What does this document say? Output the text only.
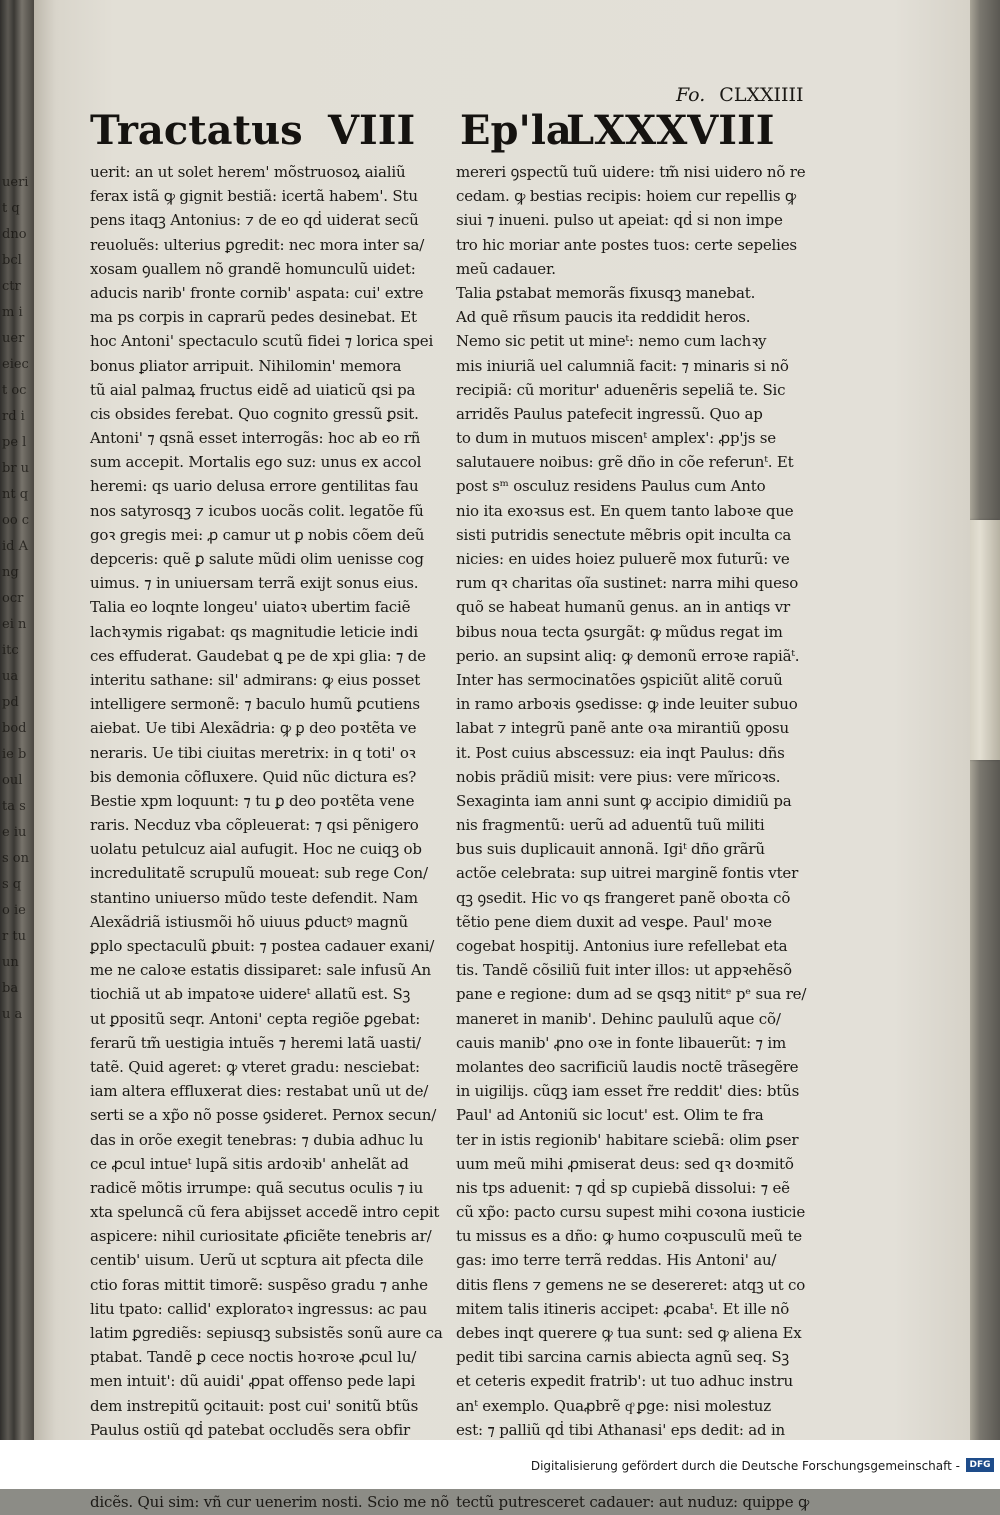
uerit q dno bcl ctrm iuer eiect ocrd ipe lbr unt qoo cid Ang ocrei nitc ua pd bodie boul ta se ius ons q o ier tu un ba u a
Fo. CLXXIIII
Tractatus VIII Ep'la
LXXXVIII
uerit: an ut solet herem' mõstruosoꝝ aialiũ
ferax istã ꝙ gignit bestiã: icertã habem'. Stu
pens itaqꝫ Antonius: ⁊ de eo qḋ uiderat secũ
reuoluẽs: ulterius ꝑgredit: nec mora inter sa/
xosam ꝯuallem nõ grandẽ homunculũ uidet:
aducis narib' fronte cornib' aspata: cui' extre
ma ps corpis in caprarũ pedes desinebat. Et
hoc Antoni' spectaculo scutũ fidei ⁊ lorica spei
bonus ꝑliator arripuit. Nihilomin' memora
tũ aial palmaꝝ fructus eidẽ ad uiaticũ qsi pa
cis obsides ferebat. Quo cognito gressũ ꝑsit.
Antoni' ⁊ qsnã esset interrogãs: hoc ab eo rñ
sum accepit. Mortalis ego suz: unus ex accol
heremi: qs uario delusa errore gentilitas fau
nos satyrosqꝫ ⁊ icubos uocãs colit. legatõe fũ
goꝛ gregis mei: ꝓ camur ut ꝑ nobis cõem deũ
depceris: quẽ ꝑ salute mũdi olim uenisse cog
uimus. ⁊ in uniuersam terrã exijt sonus eius.
Talia eo loqnte longeu' uiatoꝛ ubertim faciẽ
lachꝛymis rigabat: qs magnitudie leticie indi
ces effuderat. Gaudebat ꝗ pe de xpi glia: ⁊ de
interitu sathane: sil' admirans: ꝙ eius posset
intelligere sermonẽ: ⁊ baculo humũ ꝑcutiens
aiebat. Ue tibi Alexãdria: ꝙ ꝑ deo poꝛtẽta ve
neraris. Ue tibi ciuitas meretrix: in q toti' oꝛ
bis demonia cõfluxere. Quid nũc dictura es?
Bestie xpm loquunt: ⁊ tu ꝑ deo poꝛtẽta vene
raris. Necduz vba cõpleuerat: ⁊ qsi pẽnigero
uolatu petulcuz aial aufugit. Hoc ne cuiqꝫ ob
incredulitatẽ scrupulũ moueat: sub rege Con/
stantino uniuerso mũdo teste defendit. Nam
Alexãdriã istiusmõi hõ uiuus ꝑductꝰ magnũ
ꝑplo spectaculũ ꝑbuit: ⁊ postea cadauer exani/
me ne caloꝛe estatis dissiparet: sale infusũ An
tiochiã ut ab impatoꝛe uidereᵗ allatũ est. Sꝫ
ut ꝑpositũ seqr. Antoni' cepta regiõe ꝑgebat:
ferarũ tm̃ uestigia intuẽs ⁊ heremi latã uasti/
tatẽ. Quid ageret: ꝙ vteret gradu: nesciebat:
iam altera effluxerat dies: restabat unũ ut de/
serti se a xp̃o nõ posse ꝯsideret. Pernox secun/
das in orõe exegit tenebras: ⁊ dubia adhuc lu
ce ꝓcul intueᵗ lupã sitis ardoꝛib' anhelãt ad
radicẽ mõtis irrumpe: quã secutus oculis ⁊ iu
xta speluncã cũ fera abijsset accedẽ intro cepit
aspicere: nihil curiositate ꝓficiẽte tenebris ar/
centib' uisum. Uerũ ut scptura ait pfecta dile
ctio foras mittit timorẽ: suspẽso gradu ⁊ anhe
litu tpato: callid' exploratoꝛ ingressus: ac pau
latim ꝑgrediẽs: sepiusqꝫ subsistẽs sonũ aure ca
ptabat. Tandẽ ꝑ cece noctis hoꝛroꝛe ꝓcul lu/
men intuit': dũ auidi' ꝓpat offenso pede lapi
dem instrepitũ ꝯcitauit: post cui' sonitũ btũs
Paulus ostiũ qḋ patebat occludẽs sera obfir
dicẽs. Qui sim: vñ cur uenerim nosti. Scio me nõ
mereri ꝯspectũ tuũ uidere: tm̃ nisi uidero nõ re
cedam. ꝙ bestias recipis: hoiem cur repellis ꝙ
siui ⁊ inueni. pulso ut apeiat: qḋ si non impe
tro hic moriar ante postes tuos: certe sepelies
meũ cadauer.
Talia ꝑstabat memorãs fixusqꝫ manebat.
Ad quẽ rñsum paucis ita reddidit heros.
Nemo sic petit ut mineᵗ: nemo cum lachꝛy
mis iniuriã uel calumniã facit: ⁊ minaris si nõ
recipiã: cũ moritur' aduenẽris sepeliã te. Sic
arridẽs Paulus patefecit ingressũ. Quo ap
to dum in mutuos miscenᵗ amplex': ꝓp'js se
salutauere noibus: grẽ dño in cõe referunᵗ. Et
post sᵐ osculuz residens Paulus cum Anto
nio ita exoꝛsus est. En quem tanto laboꝛe que
sisti putridis senectute mẽbris opit inculta ca
nicies: en uides hoiez puluerẽ mox futurũ: ve
rum qꝛ charitas oĩa sustinet: narra mihi queso
quõ se habeat humanũ genus. an in antiqs vr
bibus noua tecta ꝯsurgãt: ꝙ mũdus regat im
perio. an supsint aliq: ꝙ demonũ erroꝛe rapiãᵗ.
Inter has sermocinatões ꝯspiciũt alitẽ coruũ
in ramo arboꝛis ꝯsedisse: ꝙ inde leuiter subuo
labat ⁊ integrũ panẽ ante oꝛa mirantiũ ꝯposu
it. Post cuius abscessuz: eia inqt Paulus: dñs
nobis prãdiũ misit: vere pius: vere mĩricoꝛs.
Sexaginta iam anni sunt ꝙ accipio dimidiũ pa
nis fragmentũ: uerũ ad aduentũ tuũ militi
bus suis duplicauit annonã. Igiᵗ dño grãrũ
actõe celebrata: sup uitrei marginẽ fontis vter
qꝫ ꝯsedit. Hic vo qs frangeret panẽ oboꝛta cõ
tẽtio pene diem duxit ad vesꝑe. Paul' moꝛe
cogebat hospitij. Antonius iure refellebat eta
tis. Tandẽ cõsiliũ fuit inter illos: ut appꝛehẽsõ
pane e regione: dum ad se qsqꝫ nititᵉ pᵉ sua re/
maneret in manib'. Dehinc paululũ aque cõ/
cauis manib' ꝓno oꝛe in fonte libauerũt: ⁊ im
molantes deo sacrificiũ laudis noctẽ trãsegẽre
in uigilijs. cũqꝫ iam esset r̃re reddit' dies: btũs
Paul' ad Antoniũ sic locut' est. Olim te fra
ter in istis regionib' habitare sciebã: olim ꝑser
uum meũ mihi ꝓmiserat deus: sed qꝛ doꝛmitõ
nis tps aduenit: ⁊ qḋ sp cupiebã dissolui: ⁊ eẽ
cũ xp̃o: pacto cursu supest mihi coꝛona iusticie
tu missus es a dño: ꝙ humo coꝛpusculũ meũ te
gas: imo terre terrã reddas. His Antoni' au/
ditis flens ⁊ gemens ne se desereret: atqꝫ ut co
mitem talis itineris accipet: ꝓcabaᵗ. Et ille nõ
debes inqt querere ꝙ tua sunt: sed ꝙ aliena Ex
pedit tibi sarcina carnis abiecta agnũ seq. Sꝫ
et ceteris expedit fratrib': ut tuo adhuc instru
anᵗ exemplo. Quaꝓbrẽ qͦ ꝑge: nisi molestuz
est: ⁊ palliũ qḋ tibi Athanasi' eps dedit: ad in
tectũ putresceret cadauer: aut nuduz: quippe ꝙ
Digitalisierung gefördert durch die Deutsche Forschungsgemeinschaft -	DFG
